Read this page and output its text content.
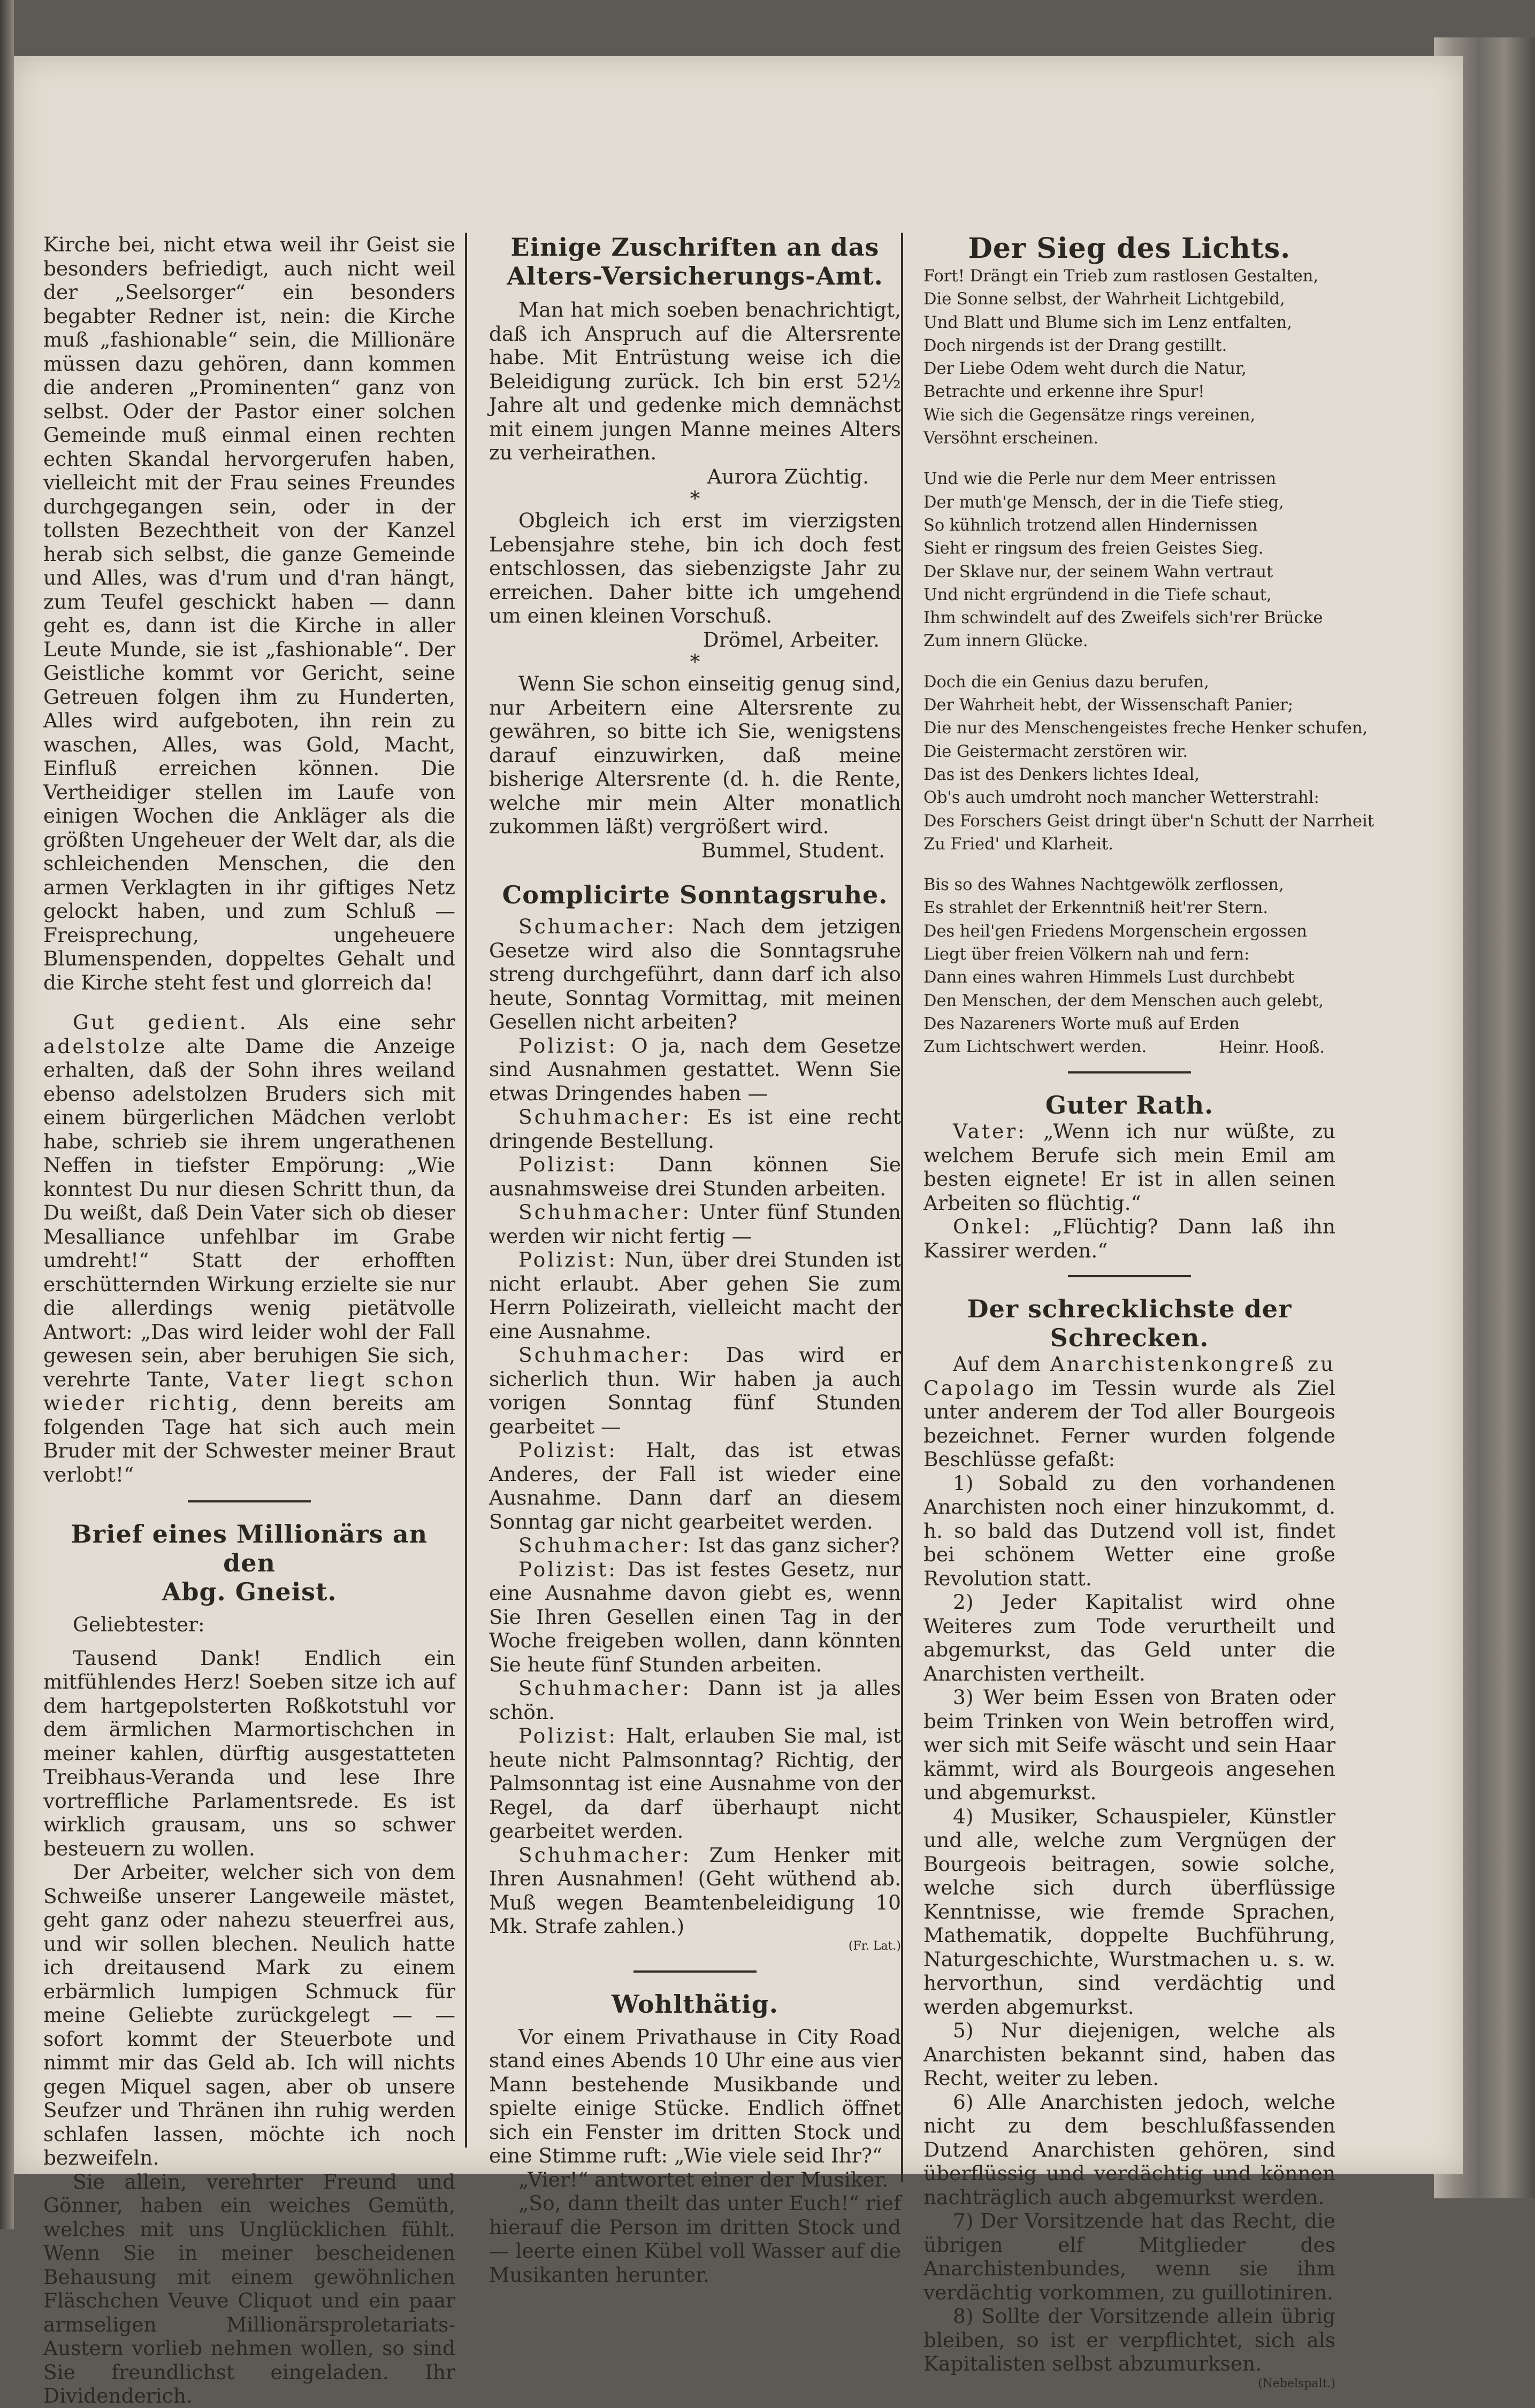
Kirche bei, nicht etwa weil ihr Geist sie besonders befriedigt, auch nicht weil der „Seelsorger“ ein besonders begabter Redner ist, nein: die Kirche muß „fashionable“ sein, die Millionäre müssen dazu gehören, dann kommen die anderen „Prominenten“ ganz von selbst. Oder der Pastor einer solchen Gemeinde muß einmal einen rechten echten Skandal hervorgerufen haben, vielleicht mit der Frau seines Freundes durchgegangen sein, oder in der tollsten Bezechtheit von der Kanzel herab sich selbst, die ganze Gemeinde und Alles, was d'rum und d'ran hängt, zum Teufel geschickt haben — dann geht es, dann ist die Kirche in aller Leute Munde, sie ist „fashionable“. Der Geistliche kommt vor Gericht, seine Getreuen folgen ihm zu Hunderten, Alles wird aufgeboten, ihn rein zu waschen, Alles, was Gold, Macht, Einfluß erreichen können. Die Vertheidiger stellen im Laufe von einigen Wochen die Ankläger als die größten Ungeheuer der Welt dar, als die schleichenden Menschen, die den armen Verklagten in ihr giftiges Netz gelockt haben, und zum Schluß — Freisprechung, ungeheuere Blumenspenden, doppeltes Gehalt und die Kirche steht fest und glorreich da!

Gut gedient. Als eine sehr adelstolze alte Dame die Anzeige erhalten, daß der Sohn ihres weiland ebenso adelstolzen Bruders sich mit einem bürgerlichen Mädchen verlobt habe, schrieb sie ihrem ungerathenen Neffen in tiefster Empörung: „Wie konntest Du nur diesen Schritt thun, da Du weißt, daß Dein Vater sich ob dieser Mesalliance unfehlbar im Grabe umdreht!“ Statt der erhofften erschütternden Wirkung erzielte sie nur die allerdings wenig pietätvolle Antwort: „Das wird leider wohl der Fall gewesen sein, aber beruhigen Sie sich, verehrte Tante, Vater liegt schon wieder richtig, denn bereits am folgenden Tage hat sich auch mein Bruder mit der Schwester meiner Braut verlobt!“

Brief eines Millionärs an den
Abg. Gneist.

Geliebtester:

Tausend Dank! Endlich ein mitfühlendes Herz! Soeben sitze ich auf dem hartgepolsterten Roßkotstuhl vor dem ärmlichen Marmortischchen in meiner kahlen, dürftig ausgestatteten Treibhaus-Veranda und lese Ihre vortreffliche Parlamentsrede. Es ist wirklich grausam, uns so schwer besteuern zu wollen.

Der Arbeiter, welcher sich von dem Schweiße unserer Langeweile mästet, geht ganz oder nahezu steuerfrei aus, und wir sollen blechen. Neulich hatte ich dreitausend Mark zu einem erbärmlich lumpigen Schmuck für meine Geliebte zurückgelegt — — sofort kommt der Steuerbote und nimmt mir das Geld ab. Ich will nichts gegen Miquel sagen, aber ob unsere Seufzer und Thränen ihn ruhig werden schlafen lassen, möchte ich noch bezweifeln.

Sie allein, verehrter Freund und Gönner, haben ein weiches Gemüth, welches mit uns Unglücklichen fühlt. Wenn Sie in meiner bescheidenen Behausung mit einem gewöhnlichen Fläschchen Veuve Cliquot und ein paar armseligen Millionärsproletariats-Austern vorlieb nehmen wollen, so sind Sie freundlichst eingeladen. Ihr Dividenderich.

Einige Zuschriften an das Alters-Versicherungs-Amt.

Man hat mich soeben benachrichtigt, daß ich Anspruch auf die Altersrente habe. Mit Entrüstung weise ich die Beleidigung zurück. Ich bin erst 52½ Jahre alt und gedenke mich demnächst mit einem jungen Manne meines Alters zu verheirathen.

Aurora Züchtig.

*

Obgleich ich erst im vierzigsten Lebensjahre stehe, bin ich doch fest entschlossen, das siebenzigste Jahr zu erreichen. Daher bitte ich umgehend um einen kleinen Vorschuß.

Drömel, Arbeiter.

*

Wenn Sie schon einseitig genug sind, nur Arbeitern eine Altersrente zu gewähren, so bitte ich Sie, wenigstens darauf einzuwirken, daß meine bisherige Altersrente (d. h. die Rente, welche mir mein Alter monatlich zukommen läßt) vergrößert wird.

Bummel, Student.

Complicirte Sonntagsruhe.

Schumacher: Nach dem jetzigen Gesetze wird also die Sonntagsruhe streng durchgeführt, dann darf ich also heute, Sonntag Vormittag, mit meinen Gesellen nicht arbeiten?

Polizist: O ja, nach dem Gesetze sind Ausnahmen gestattet. Wenn Sie etwas Dringendes haben —

Schuhmacher: Es ist eine recht dringende Bestellung.

Polizist: Dann können Sie ausnahmsweise drei Stunden arbeiten.

Schuhmacher: Unter fünf Stunden werden wir nicht fertig —

Polizist: Nun, über drei Stunden ist nicht erlaubt. Aber gehen Sie zum Herrn Polizeirath, vielleicht macht der eine Ausnahme.

Schuhmacher: Das wird er sicherlich thun. Wir haben ja auch vorigen Sonntag fünf Stunden gearbeitet —

Polizist: Halt, das ist etwas Anderes, der Fall ist wieder eine Ausnahme. Dann darf an diesem Sonntag gar nicht gearbeitet werden.

Schuhmacher: Ist das ganz sicher?

Polizist: Das ist festes Gesetz, nur eine Ausnahme davon giebt es, wenn Sie Ihren Gesellen einen Tag in der Woche freigeben wollen, dann könnten Sie heute fünf Stunden arbeiten.

Schuhmacher: Dann ist ja alles schön.

Polizist: Halt, erlauben Sie mal, ist heute nicht Palmsonntag? Richtig, der Palmsonntag ist eine Ausnahme von der Regel, da darf überhaupt nicht gearbeitet werden.

Schuhmacher: Zum Henker mit Ihren Ausnahmen! (Geht wüthend ab. Muß wegen Beamtenbeleidigung 10 Mk. Strafe zahlen.)

(Fr. Lat.)

Wohlthätig.

Vor einem Privathause in City Road stand eines Abends 10 Uhr eine aus vier Mann bestehende Musikbande und spielte einige Stücke. Endlich öffnet sich ein Fenster im dritten Stock und eine Stimme ruft: „Wie viele seid Ihr?“

„Vier!“ antwortet einer der Musiker.

„So, dann theilt das unter Euch!“ rief hierauf die Person im dritten Stock und — leerte einen Kübel voll Wasser auf die Musikanten herunter.

Der Sieg des Lichts.
Fort! Drängt ein Trieb zum rastlosen Gestalten,
Die Sonne selbst, der Wahrheit Lichtgebild,
Und Blatt und Blume sich im Lenz entfalten,
Doch nirgends ist der Drang gestillt.
Der Liebe Odem weht durch die Natur,
Betrachte und erkenne ihre Spur!
Wie sich die Gegensätze rings vereinen,
Versöhnt erscheinen.
Und wie die Perle nur dem Meer entrissen
Der muth'ge Mensch, der in die Tiefe stieg,
So kühnlich trotzend allen Hindernissen
Sieht er ringsum des freien Geistes Sieg.
Der Sklave nur, der seinem Wahn vertraut
Und nicht ergründend in die Tiefe schaut,
Ihm schwindelt auf des Zweifels sich'rer Brücke
Zum innern Glücke.
Doch die ein Genius dazu berufen,
Der Wahrheit hebt, der Wissenschaft Panier;
Die nur des Menschengeistes freche Henker schufen,
Die Geistermacht zerstören wir.
Das ist des Denkers lichtes Ideal,
Ob's auch umdroht noch mancher Wetterstrahl:
Des Forschers Geist dringt über'n Schutt der Narrheit
Zu Fried' und Klarheit.
Bis so des Wahnes Nachtgewölk zerflossen,
Es strahlet der Erkenntniß heit'rer Stern.
Des heil'gen Friedens Morgenschein ergossen
Liegt über freien Völkern nah und fern:
Dann eines wahren Himmels Lust durchbebt
Den Menschen, der dem Menschen auch gelebt,
Des Nazareners Worte muß auf Erden
Zum Lichtschwert werden.	Heinr. Hooß.

Guter Rath.

Vater: „Wenn ich nur wüßte, zu welchem Berufe sich mein Emil am besten eignete! Er ist in allen seinen Arbeiten so flüchtig.“

Onkel: „Flüchtig? Dann laß ihn Kassirer werden.“

Der schrecklichste der Schrecken.

Auf dem Anarchistenkongreß zu Capolago im Tessin wurde als Ziel unter anderem der Tod aller Bourgeois bezeichnet. Ferner wurden folgende Beschlüsse gefaßt:

1) Sobald zu den vorhandenen Anarchisten noch einer hinzukommt, d. h. so bald das Dutzend voll ist, findet bei schönem Wetter eine große Revolution statt.

2) Jeder Kapitalist wird ohne Weiteres zum Tode verurtheilt und abgemurkst, das Geld unter die Anarchisten vertheilt.

3) Wer beim Essen von Braten oder beim Trinken von Wein betroffen wird, wer sich mit Seife wäscht und sein Haar kämmt, wird als Bourgeois angesehen und abgemurkst.

4) Musiker, Schauspieler, Künstler und alle, welche zum Vergnügen der Bourgeois beitragen, sowie solche, welche sich durch überflüssige Kenntnisse, wie fremde Sprachen, Mathematik, doppelte Buchführung, Naturgeschichte, Wurstmachen u. s. w. hervorthun, sind verdächtig und werden abgemurkst.

5) Nur diejenigen, welche als Anarchisten bekannt sind, haben das Recht, weiter zu leben.

6) Alle Anarchisten jedoch, welche nicht zu dem beschlußfassenden Dutzend Anarchisten gehören, sind überflüssig und verdächtig und können nachträglich auch abgemurkst werden.

7) Der Vorsitzende hat das Recht, die übrigen elf Mitglieder des Anarchistenbundes, wenn sie ihm verdächtig vorkommen, zu guillotiniren.

8) Sollte der Vorsitzende allein übrig bleiben, so ist er verpflichtet, sich als Kapitalisten selbst abzumurksen.

(Nebelspalt.)
